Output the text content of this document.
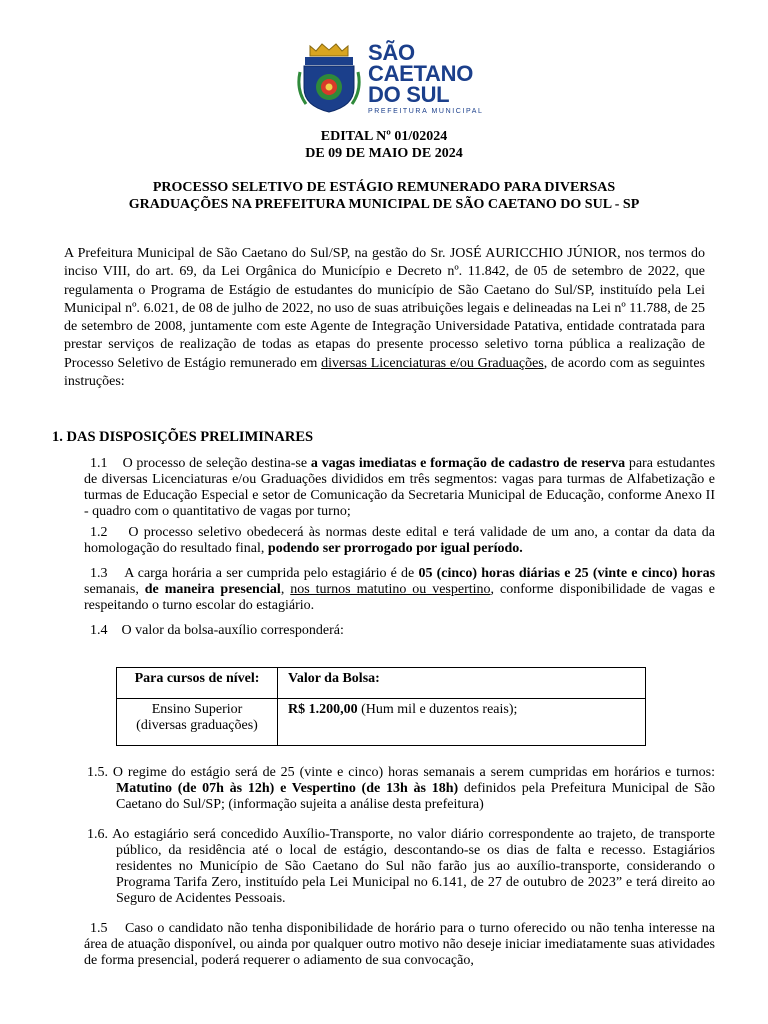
SÃO
CAETANO
DO SUL
PREFEITURA MUNICIPAL
EDITAL Nº 01/02024
DE 09 DE MAIO DE 2024
PROCESSO SELETIVO DE ESTÁGIO REMUNERADO PARA DIVERSAS
GRADUAÇÕES NA PREFEITURA MUNICIPAL DE SÃO CAETANO DO SUL - SP
A Prefeitura Municipal de São Caetano do Sul/SP, na gestão do Sr. JOSÉ AURICCHIO JÚNIOR, nos termos do inciso VIII, do art. 69, da Lei Orgânica do Município e Decreto nº. 11.842, de 05 de setembro de 2022, que regulamenta o Programa de Estágio de estudantes do município de São Caetano do Sul/SP, instituído pela Lei Municipal nº. 6.021, de 08 de julho de 2022, no uso de suas atribuições legais e delineadas na Lei nº 11.788, de 25 de setembro de 2008, juntamente com este Agente de Integração Universidade Patativa, entidade contratada para prestar serviços de realização de todas as etapas do presente processo seletivo torna pública a realização de Processo Seletivo de Estágio remunerado em diversas Licenciaturas e/ou Graduações, de acordo com as seguintes instruções:
1. DAS DISPOSIÇÕES PRELIMINARES
1.1 O processo de seleção destina-se a vagas imediatas e formação de cadastro de reserva para estudantes de diversas Licenciaturas e/ou Graduações divididos em três segmentos: vagas para turmas de Alfabetização e turmas de Educação Especial e setor de Comunicação da Secretaria Municipal de Educação, conforme Anexo II - quadro com o quantitativo de vagas por turno;
1.2 O processo seletivo obedecerá às normas deste edital e terá validade de um ano, a contar da data da homologação do resultado final, podendo ser prorrogado por igual período.
1.3 A carga horária a ser cumprida pelo estagiário é de 05 (cinco) horas diárias e 25 (vinte e cinco) horas semanais, de maneira presencial, nos turnos matutino ou vespertino, conforme disponibilidade de vagas e respeitando o turno escolar do estagiário.
1.4 O valor da bolsa-auxílio corresponderá:
Para cursos de nível:	Valor da Bolsa:
Ensino Superior
(diversas graduações)	R$ 1.200,00 (Hum mil e duzentos reais);
1.5. O regime do estágio será de 25 (vinte e cinco) horas semanais a serem cumpridas em horários e turnos: Matutino (de 07h às 12h) e Vespertino (de 13h às 18h) definidos pela Prefeitura Municipal de São Caetano do Sul/SP; (informação sujeita a análise desta prefeitura)
1.6. Ao estagiário será concedido Auxílio-Transporte, no valor diário correspondente ao trajeto, de transporte público, da residência até o local de estágio, descontando-se os dias de falta e recesso. Estagiários residentes no Município de São Caetano do Sul não farão jus ao auxílio-transporte, considerando o Programa Tarifa Zero, instituído pela Lei Municipal no 6.141, de 27 de outubro de 2023” e terá direito ao Seguro de Acidentes Pessoais.
1.5 Caso o candidato não tenha disponibilidade de horário para o turno oferecido ou não tenha interesse na área de atuação disponível, ou ainda por qualquer outro motivo não deseje iniciar imediatamente suas atividades de forma presencial, poderá requerer o adiamento de sua convocação,
